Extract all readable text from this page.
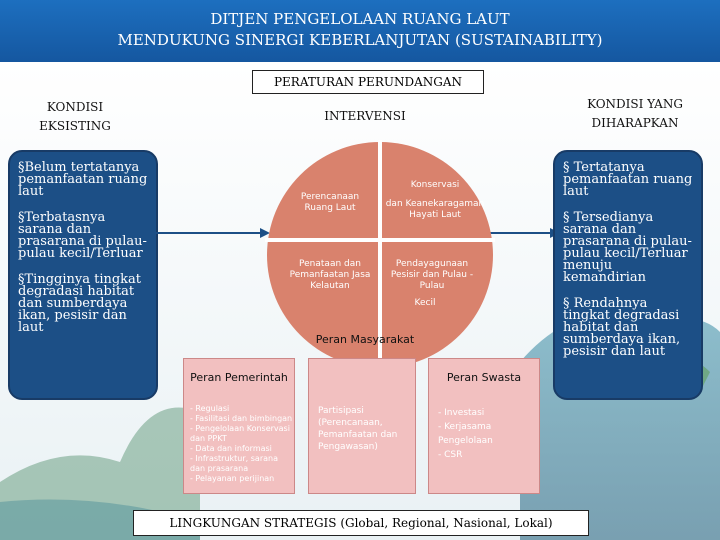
DITJEN PENGELOLAAN RUANG LAUT
MENDUKUNG SINERGI KEBERLANJUTAN (SUSTAINABILITY)
PERATURAN PERUNDANGAN
KONDISI
EKSISTING
INTERVENSI
KONDISI YANG
DIHARAPKAN
§Belum tertatanya pemanfaatan ruang laut
§Terbatasnya sarana dan prasarana di pulau-pulau kecil/Terluar
§Tingginya tingkat degradasi habitat dan sumberdaya ikan, pesisir dan laut
Perencanaan Ruang Laut
Konservasi
dan Keanekaragaman Hayati Laut
Penataan dan Pemanfaatan Jasa Kelautan
Pendayagunaan Pesisir dan Pulau -Pulau
Kecil
§ Tertatanya pemanfaatan ruang laut
§ Tersedianya sarana dan prasarana di pulau-pulau kecil/Terluar menuju kemandirian
§ Rendahnya tingkat degradasi habitat dan sumberdaya ikan, pesisir dan laut
Peran Pemerintah
- Regulasi
- Fasilitasi dan bimbingan
- Pengelolaan Konservasi
dan PPKT
- Data dan informasi
- Infrastruktur, sarana
dan prasarana
- Pelayanan perijinan
Peran Masyarakat
Partisipasi
(Perencanaan,
Pemanfaatan dan
Pengawasan)
Peran Swasta
- Investasi
- Kerjasama Pengelolaan
- CSR
LINGKUNGAN STRATEGIS (Global, Regional, Nasional, Lokal)
